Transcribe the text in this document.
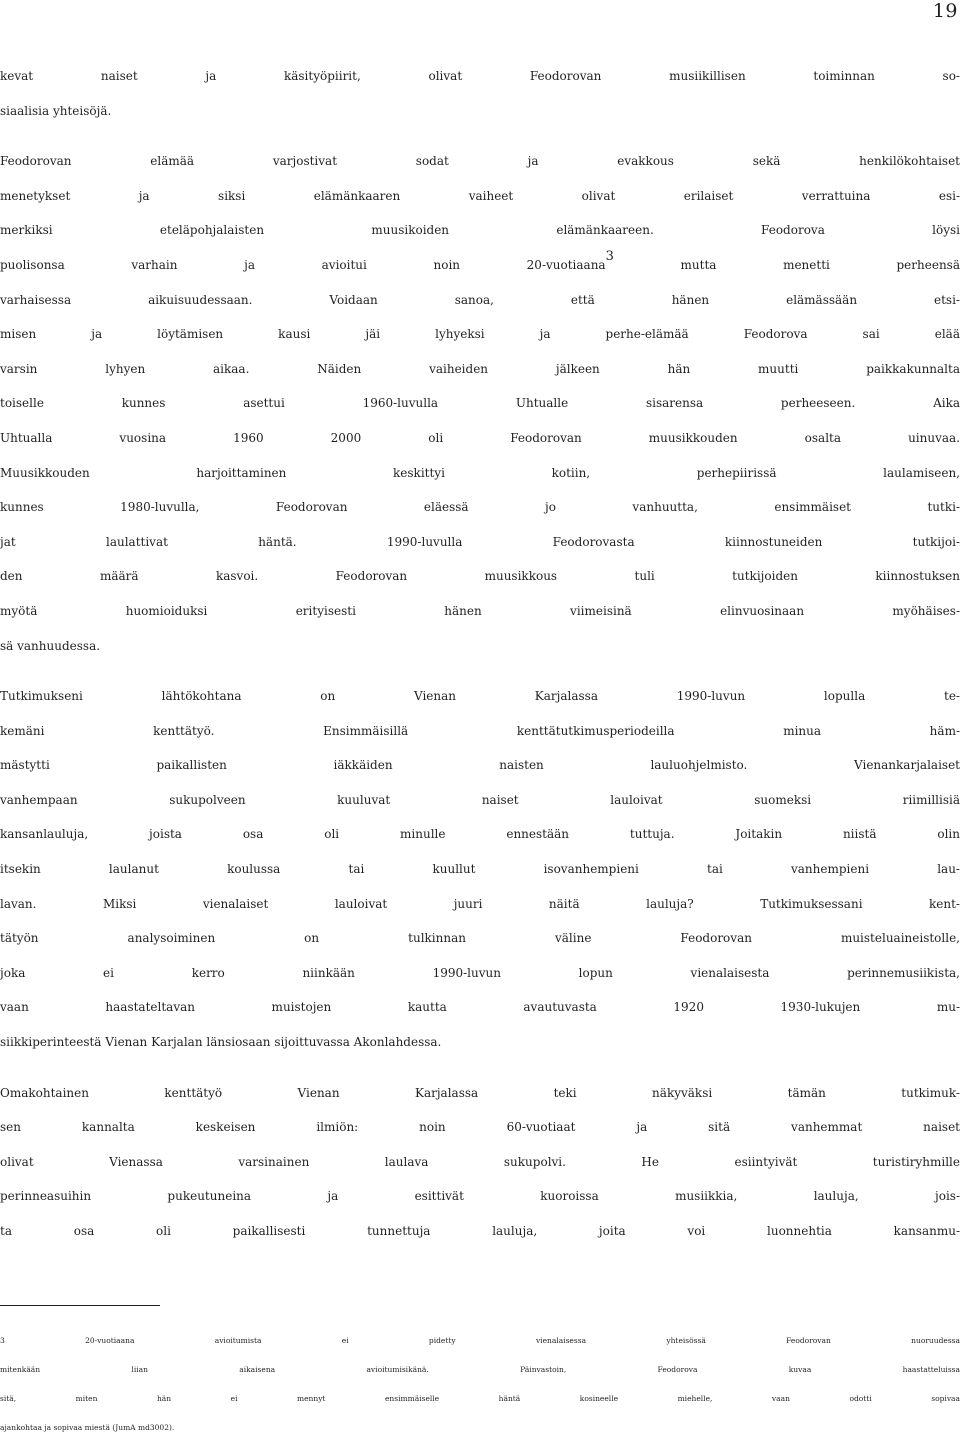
19
kevat naiset ja käsityöpiirit, olivat Feodorovan musiikillisen toiminnan so-
siaalisia yhteisöjä.
Feodorovan elämää varjostivat sodat ja evakkous sekä henkilökohtaiset
menetykset ja siksi elämänkaaren vaiheet olivat erilaiset verrattuina esi-
merkiksi eteläpohjalaisten muusikoiden elämänkaareen. Feodorova löysi
puolisonsa varhain ja avioitui noin 20-vuotiaana$^3$ mutta menetti perheensä
varhaisessa aikuisuudessaan. Voidaan sanoa, että hänen elämässään etsi-
misen ja löytämisen kausi jäi lyhyeksi ja perhe-elämää Feodorova sai elää
varsin lyhyen aikaa. Näiden vaiheiden jälkeen hän muutti paikkakunnalta
toiselle kunnes asettui 1960-luvulla Uhtualle sisarensa perheeseen. Aika
Uhtualla vuosina 1960 2000 oli Feodorovan muusikkouden osalta uinuvaa.
Muusikkouden harjoittaminen keskittyi kotiin, perhepiirissä laulamiseen,
kunnes 1980-luvulla, Feodorovan eläessä jo vanhuutta, ensimmäiset tutki-
jat laulattivat häntä. 1990-luvulla Feodorovasta kiinnostuneiden tutkijoi-
den määrä kasvoi. Feodorovan muusikkous tuli tutkijoiden kiinnostuksen
myötä huomioiduksi erityisesti hänen viimeisinä elinvuosinaan myöhäises-
sä vanhuudessa.
Tutkimukseni lähtökohtana on Vienan Karjalassa 1990-luvun lopulla te-
kemäni kenttätyö. Ensimmäisillä kenttätutkimusperiodeilla minua häm-
mästytti paikallisten iäkkäiden naisten lauluohjelmisto. Vienankarjalaiset
vanhempaan sukupolveen kuuluvat naiset lauloivat suomeksi riimillisiä
kansanlauluja, joista osa oli minulle ennestään tuttuja. Joitakin niistä olin
itsekin laulanut koulussa tai kuullut isovanhempieni tai vanhempieni lau-
lavan. Miksi vienalaiset lauloivat juuri näitä lauluja? Tutkimuksessani kent-
tätyön analysoiminen on tulkinnan väline Feodorovan muisteluaineistolle,
joka ei kerro niinkään 1990-luvun lopun vienalaisesta perinnemusiikista,
vaan haastateltavan muistojen kautta avautuvasta 1920 1930-lukujen mu-
siikkiperinteestä Vienan Karjalan länsiosaan sijoittuvassa Akonlahdessa.
Omakohtainen kenttätyö Vienan Karjalassa teki näkyväksi tämän tutkimuk-
sen kannalta keskeisen ilmiön: noin 60-vuotiaat ja sitä vanhemmat naiset
olivat Vienassa varsinainen laulava sukupolvi. He esiintyivät turistiryhmille
perinneasuihin pukeutuneina ja esittivät kuoroissa musiikkia, lauluja, jois-
ta osa oli paikallisesti tunnettuja lauluja, joita voi luonnehtia kansanmu-
3 20-vuotiaana avioitumista ei pidetty vienalaisessa yhteisössä Feodorovan nuoruudessa
mitenkään liian aikaisena avioitumisikänä. Päinvastoin, Feodorova kuvaa haastatteluissa
sitä, miten hän ei mennyt ensimmäiselle häntä kosineelle miehelle, vaan odotti sopivaa
ajankohtaa ja sopivaa miestä (JumA md3002).
